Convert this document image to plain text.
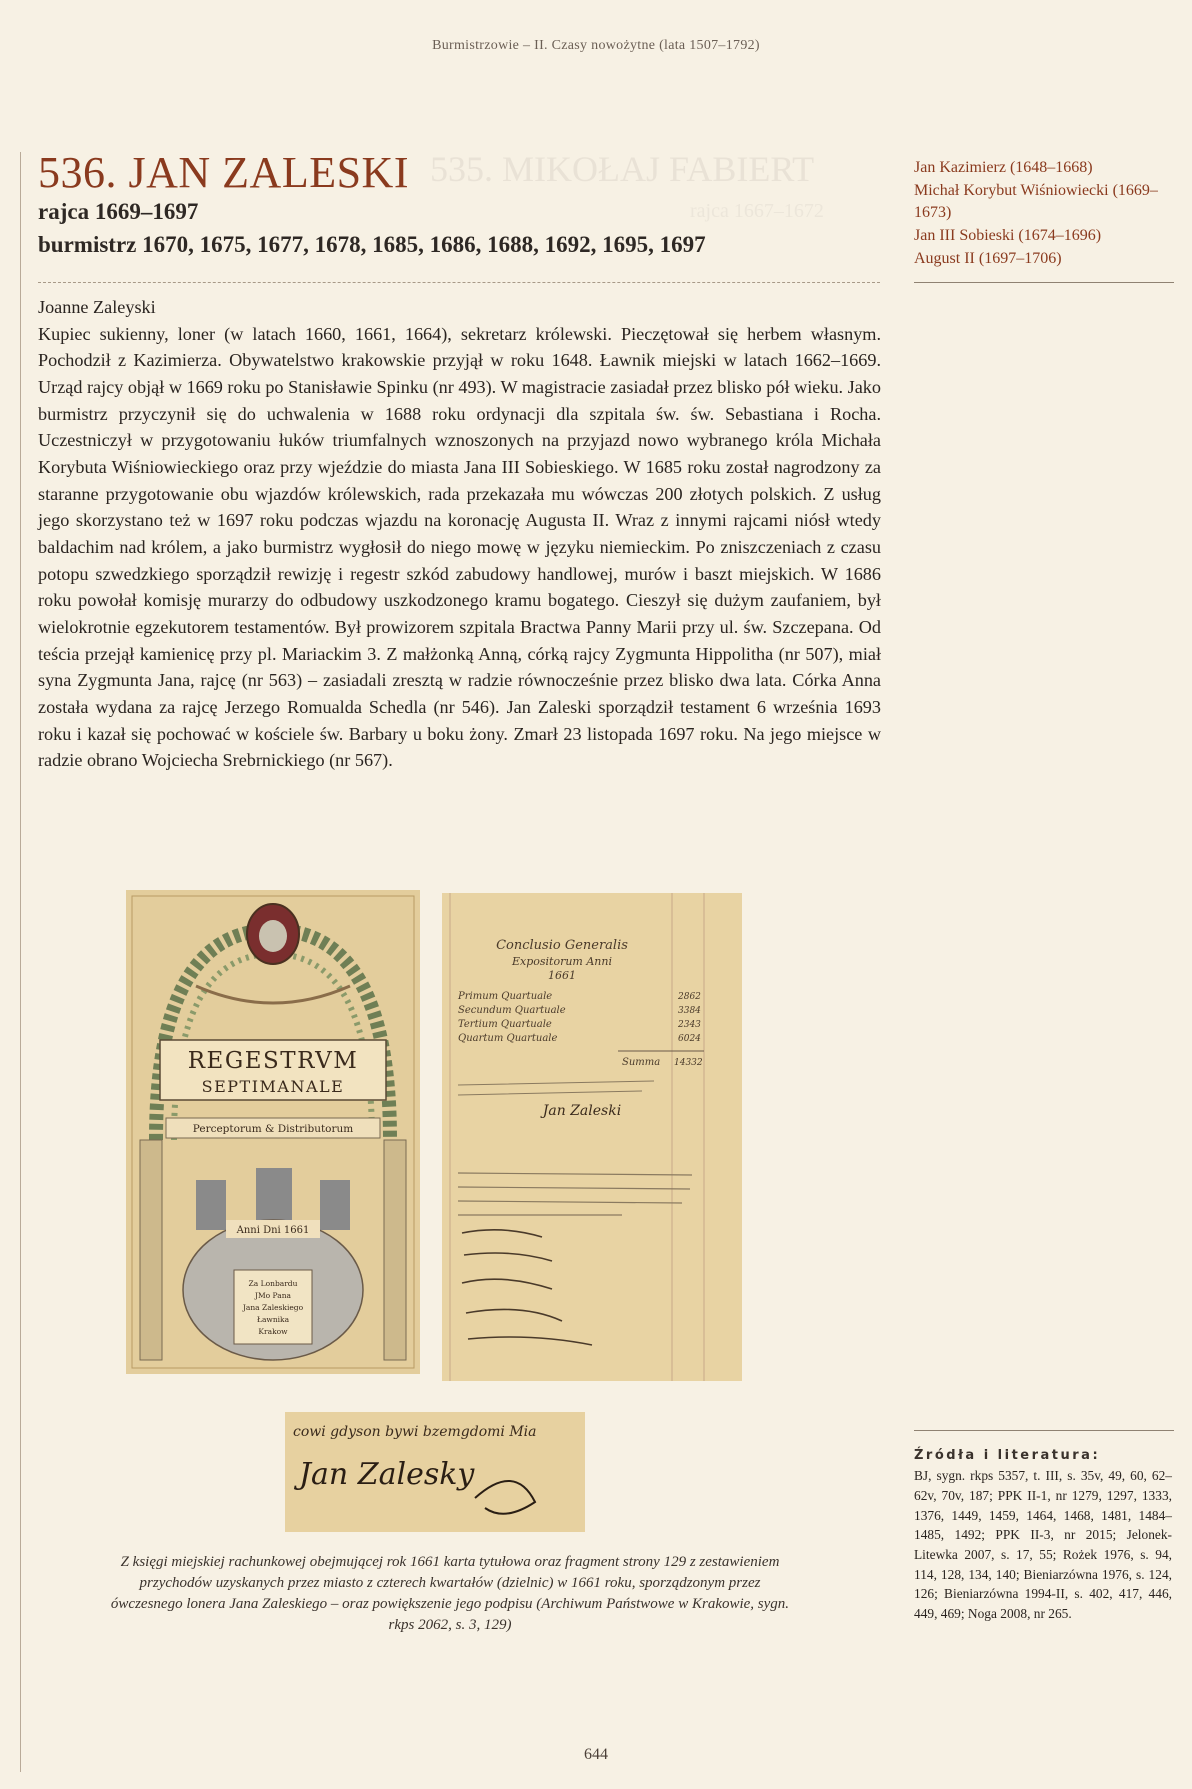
Burmistrzowie – II. Czasy nowożytne (lata 1507–1792)
535. MIKOŁAJ FABIERT
rajca 1667–1672
536. JAN ZALESKI
rajca 1669–1697
burmistrz 1670, 1675, 1677, 1678, 1685, 1686, 1688, 1692, 1695, 1697
Jan Kazimierz (1648–1668)
Michał Korybut Wiśniowiecki (1669–1673)
Jan III Sobieski (1674–1696)
August II (1697–1706)
Joanne Zaleyski

Kupiec sukienny, loner (w latach 1660, 1661, 1664), sekretarz królewski. Pieczętował się herbem własnym. Pochodził z Kazimierza. Obywatelstwo krakowskie przyjął w roku 1648. Ławnik miejski w latach 1662–1669. Urząd rajcy objął w 1669 roku po Stanisławie Spinku (nr 493). W magistracie zasiadał przez blisko pół wieku. Jako burmistrz przyczynił się do uchwalenia w 1688 roku ordynacji dla szpitala św. św. Sebastiana i Rocha. Uczestniczył w przygotowaniu łuków triumfalnych wznoszonych na przyjazd nowo wybranego króla Michała Korybuta Wiśniowieckiego oraz przy wjeździe do miasta Jana III Sobieskiego. W 1685 roku został nagrodzony za staranne przygotowanie obu wjazdów królewskich, rada przekazała mu wówczas 200 złotych polskich. Z usług jego skorzystano też w 1697 roku podczas wjazdu na koronację Augusta II. Wraz z innymi rajcami niósł wtedy baldachim nad królem, a jako burmistrz wygłosił do niego mowę w języku niemieckim. Po zniszczeniach z czasu potopu szwedzkiego sporządził rewizję i regestr szkód zabudowy handlowej, murów i baszt miejskich. W 1686 roku powołał komisję murarzy do odbudowy uszkodzonego kramu bogatego. Cieszył się dużym zaufaniem, był wielokrotnie egzekutorem testamentów. Był prowizorem szpitala Bractwa Panny Marii przy ul. św. Szczepana. Od teścia przejął kamienicę przy pl. Mariackim 3. Z małżonką Anną, córką rajcy Zygmunta Hippolitha (nr 507), miał syna Zygmunta Jana, rajcę (nr 563) – zasiadali zresztą w radzie równocześnie przez blisko dwa lata. Córka Anna została wydana za rajcę Jerzego Romualda Schedla (nr 546). Jan Zaleski sporządził testament 6 września 1693 roku i kazał się pochować w kościele św. Barbary u boku żony. Zmarł 23 listopada 1697 roku. Na jego miejsce w radzie obrano Wojciecha Srebrnickiego (nr 567).

REGESTRVM
SEPTIMANALE
Perceptorum & Distributorum
Anni Dni 1661
Za Lonbardu
JMo Pana
Jana Zaleskiego
Ławnika
Krakow
Conclusio Generalis
Expositorum Anni
1661
Primum Quartuale	2862
Secundum Quartuale	3384
Tertium Quartuale	2343
Quartum Quartuale	6024
Summa 14332
Jan Zaleski
cowi gdyson bywi bzemgdomi Mia
Jan Zalesky
Z księgi miejskiej rachunkowej obejmującej rok 1661 karta tytułowa oraz fragment strony 129 z zestawieniem przychodów uzyskanych przez miasto z czterech kwartałów (dzielnic) w 1661 roku, sporządzonym przez ówczesnego lonera Jana Zaleskiego – oraz powiększenie jego podpisu (Archiwum Państwowe w Krakowie, sygn. rkps 2062, s. 3, 129)
Źródła i literatura:
BJ, sygn. rkps 5357, t. III, s. 35v, 49, 60, 62–62v, 70v, 187; PPK II-1, nr 1279, 1297, 1333, 1376, 1449, 1459, 1464, 1468, 1481, 1484–1485, 1492; PPK II-3, nr 2015; Jelonek-Litewka 2007, s. 17, 55; Rożek 1976, s. 94, 114, 128, 134, 140; Bieniarzówna 1976, s. 124, 126; Bieniarzówna 1994-II, s. 402, 417, 446, 449, 469; Noga 2008, nr 265.
644
